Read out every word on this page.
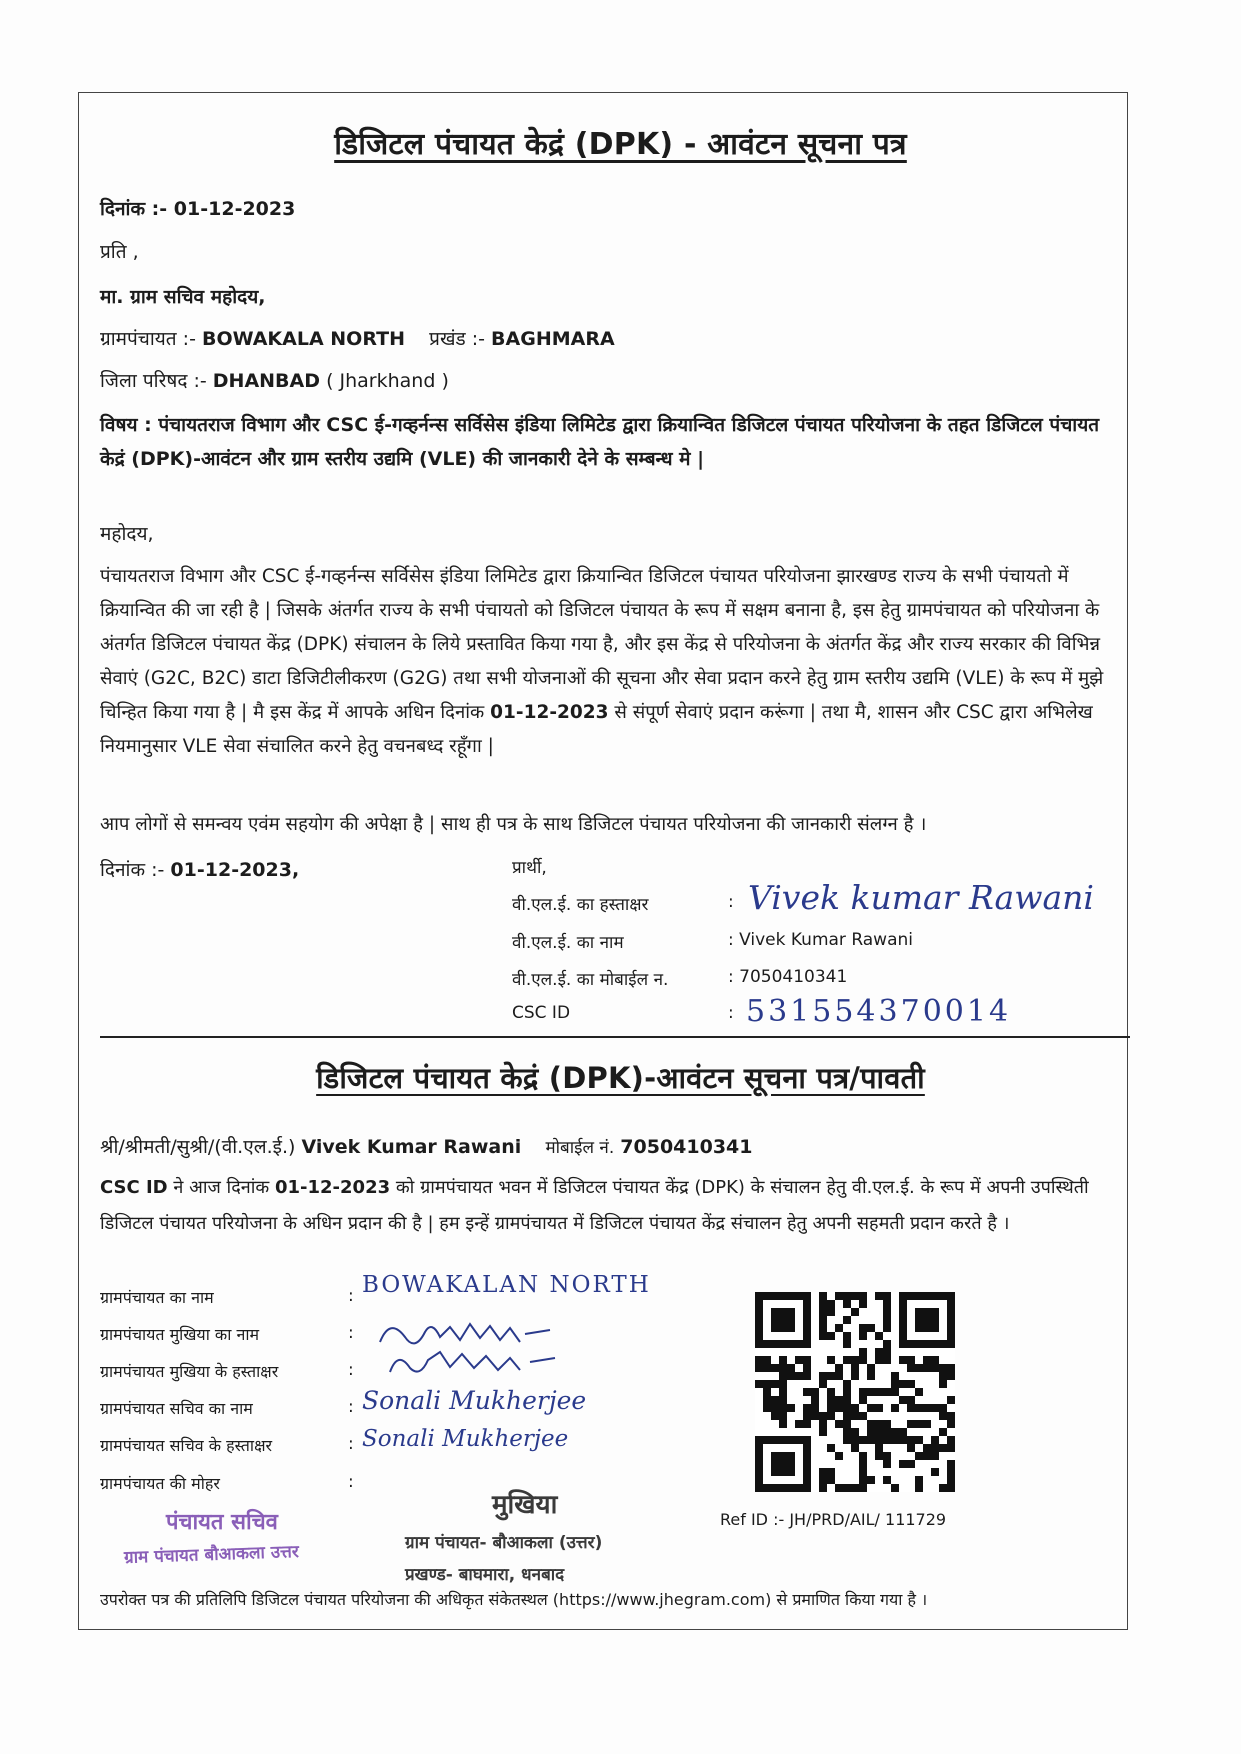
डिजिटल पंचायत केद्रं (DPK) - आवंटन सूचना पत्र
दिनांक :- 01-12-2023
प्रति ,
मा. ग्राम सचिव महोदय,
ग्रामपंचायत :- BOWAKALA NORTH प्रखंड :- BAGHMARA
जिला परिषद :- DHANBAD ( Jharkhand )
विषय : पंचायतराज विभाग और CSC ई-गव्हर्नन्स सर्विसेस इंडिया लिमिटेड द्वारा क्रियान्वित डिजिटल पंचायत परियोजना के तहत डिजिटल पंचायत केद्रं (DPK)-आवंटन और ग्राम स्तरीय उद्यमि (VLE) की जानकारी देने के सम्बन्ध मे |
महोदय,
पंचायतराज विभाग और CSC ई-गव्हर्नन्स सर्विसेस इंडिया लिमिटेड द्वारा क्रियान्वित डिजिटल पंचायत परियोजना झारखण्ड राज्य के सभी पंचायतो में क्रियान्वित की जा रही है | जिसके अंतर्गत राज्य के सभी पंचायतो को डिजिटल पंचायत के रूप में सक्षम बनाना है, इस हेतु ग्रामपंचायत को परियोजना के अंतर्गत डिजिटल पंचायत केंद्र (DPK) संचालन के लिये प्रस्तावित किया गया है, और इस केंद्र से परियोजना के अंतर्गत केंद्र और राज्य सरकार की विभिन्न सेवाएं (G2C, B2C) डाटा डिजिटीलीकरण (G2G) तथा सभी योजनाओं की सूचना और सेवा प्रदान करने हेतु ग्राम स्तरीय उद्यमि (VLE) के रूप में मुझे चिन्हित किया गया है | मै इस केंद्र में आपके अधिन दिनांक 01-12-2023 से संपूर्ण सेवाएं प्रदान करूंगा | तथा मै, शासन और CSC द्वारा अभिलेख नियमानुसार VLE सेवा संचालित करने हेतु वचनबध्द रहूँगा |
आप लोगों से समन्वय एवंम सहयोग की अपेक्षा है | साथ ही पत्र के साथ डिजिटल पंचायत परियोजना की जानकारी संलग्न है ।
दिनांक :- 01-12-2023,	प्रार्थी,
वी.एल.ई. का हस्ताक्षर	: Vivek kumar Rawani
वी.एल.ई. का नाम	: Vivek Kumar Rawani
वी.एल.ई. का मोबाईल न.	: 7050410341
CSC ID	: 531554370014
डिजिटल पंचायत केद्रं (DPK)-आवंटन सूचना पत्र/पावती
श्री/श्रीमती/सुश्री/(वी.एल.ई.) Vivek Kumar Rawani मोबाईल नं. 7050410341
CSC ID ने आज दिनांक 01-12-2023 को ग्रामपंचायत भवन में डिजिटल पंचायत केंद्र (DPK) के संचालन हेतु वी.एल.ई. के रूप में अपनी उपस्थिती डिजिटल पंचायत परियोजना के अधिन प्रदान की है | हम इन्हें ग्रामपंचायत में डिजिटल पंचायत केंद्र संचालन हेतु अपनी सहमती प्रदान करते है ।
ग्रामपंचायत का नाम	: BOWAKALAN NORTH
ग्रामपंचायत मुखिया का नाम	:
ग्रामपंचायत मुखिया के हस्ताक्षर	:
ग्रामपंचायत सचिव का नाम	: Sonali Mukherjee
ग्रामपंचायत सचिव के हस्ताक्षर	: Sonali Mukherjee
ग्रामपंचायत की मोहर	:
पंचायत सचिव
ग्राम पंचायत बौआकला उत्तर
मुखिया
ग्राम पंचायत- बौआकला (उत्तर)
प्रखण्ड- बाघमारा, धनबाद
Ref ID :- JH/PRD/AIL/ 111729
उपरोक्त पत्र की प्रतिलिपि डिजिटल पंचायत परियोजना की अधिकृत संकेतस्थल (https://www.jhegram.com) से प्रमाणित किया गया है ।
